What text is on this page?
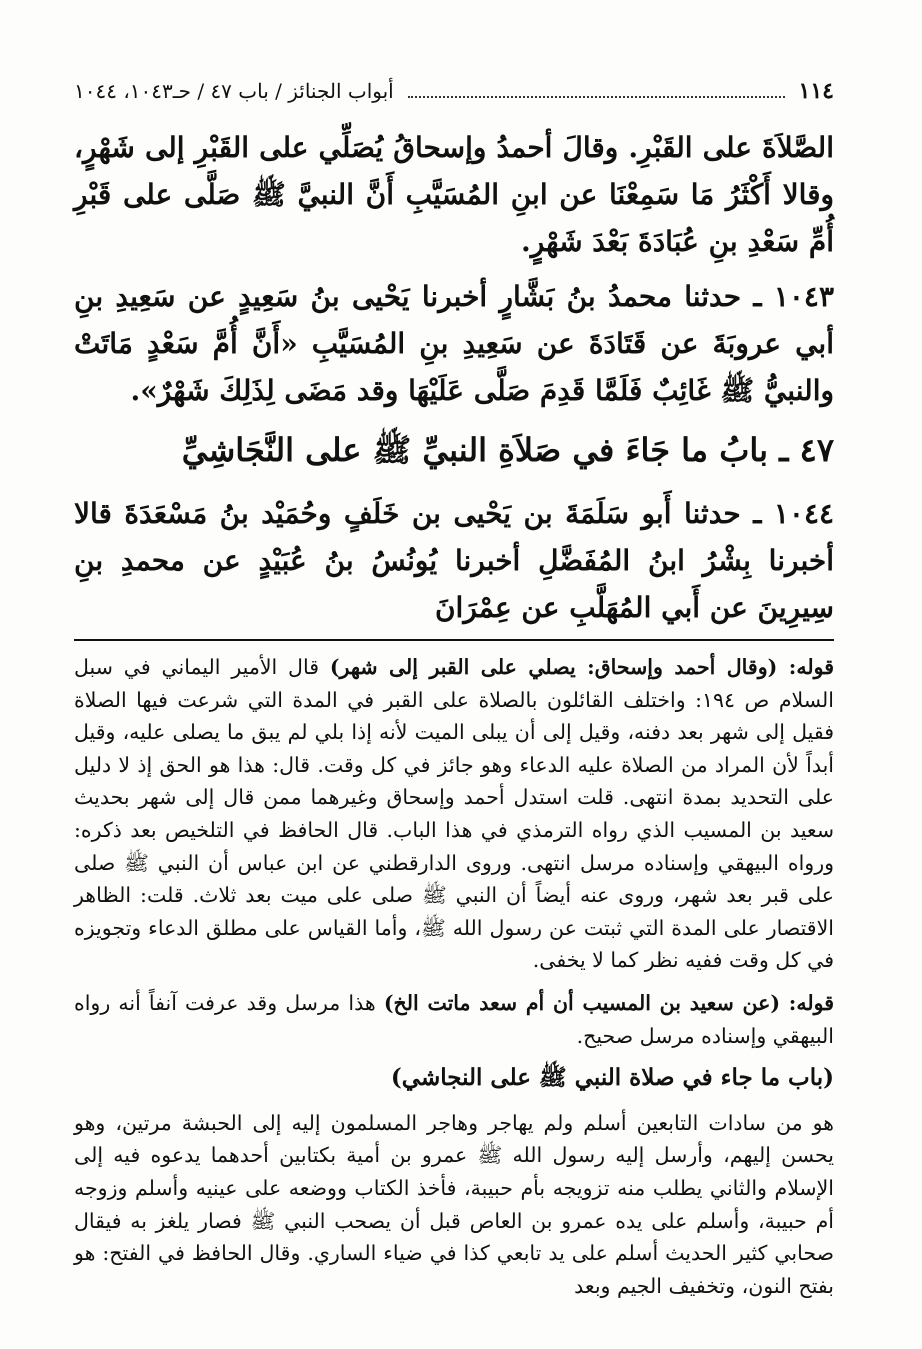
١١٤
أبواب الجنائز / باب ٤٧ / حـ١٠٤٣، ١٠٤٤

الصَّلاَةَ على القَبْرِ. وقالَ أحمدُ وإسحاقُ يُصَلِّي على القَبْرِ إلى شَهْرٍ، وقالا أَكْثَرُ مَا سَمِعْنَا عن ابنِ المُسَيَّبِ أَنَّ النبيَّ ﷺ صَلَّى على قَبْرِ أُمِّ سَعْدِ بنِ عُبَادَةَ بَعْدَ شَهْرٍ.

١٠٤٣ ـ حدثنا محمدُ بنُ بَشَّارٍ أخبرنا يَحْيى بنُ سَعِيدٍ عن سَعِيدِ بنِ أبي عروبَةَ عن قَتَادَةَ عن سَعِيدِ بنِ المُسَيَّبِ «أَنَّ أُمَّ سَعْدٍ مَاتَتْ والنبيُّ ﷺ غَائِبٌ فَلَمَّا قَدِمَ صَلَّى عَلَيْهَا وقد مَضَى لِذَلِكَ شَهْرٌ».

٤٧ ـ بابُ ما جَاءَ في صَلاَةِ النبيِّ ﷺ على النَّجَاشِيِّ

١٠٤٤ ـ حدثنا أَبو سَلَمَةَ بن يَحْيى بن خَلَفٍ وحُمَيْد بنُ مَسْعَدَةَ قالا أخبرنا بِشْرُ ابنُ المُفَضَّلِ أخبرنا يُونُسُ بنُ عُبَيْدٍ عن محمدِ بنِ سِيرِينَ عن أَبي المُهَلَّبِ عن عِمْرَانَ

قوله: (وقال أحمد وإسحاق: يصلي على القبر إلى شهر) قال الأمير اليماني في سبل السلام ص ١٩٤: واختلف القائلون بالصلاة على القبر في المدة التي شرعت فيها الصلاة فقيل إلى شهر بعد دفنه، وقيل إلى أن يبلى الميت لأنه إذا بلي لم يبق ما يصلى عليه، وقيل أبداً لأن المراد من الصلاة عليه الدعاء وهو جائز في كل وقت. قال: هذا هو الحق إذ لا دليل على التحديد بمدة انتهى. قلت استدل أحمد وإسحاق وغيرهما ممن قال إلى شهر بحديث سعيد بن المسيب الذي رواه الترمذي في هذا الباب. قال الحافظ في التلخيص بعد ذكره: ورواه البيهقي وإسناده مرسل انتهى. وروى الدارقطني عن ابن عباس أن النبي ﷺ صلى على قبر بعد شهر، وروى عنه أيضاً أن النبي ﷺ صلى على ميت بعد ثلاث. قلت: الظاهر الاقتصار على المدة التي ثبتت عن رسول الله ﷺ، وأما القياس على مطلق الدعاء وتجويزه في كل وقت ففيه نظر كما لا يخفى.

قوله: (عن سعيد بن المسيب أن أم سعد ماتت الخ) هذا مرسل وقد عرفت آنفاً أنه رواه البيهقي وإسناده مرسل صحيح.

(باب ما جاء في صلاة النبي ﷺ على النجاشي)

هو من سادات التابعين أسلم ولم يهاجر وهاجر المسلمون إليه إلى الحبشة مرتين، وهو يحسن إليهم، وأرسل إليه رسول الله ﷺ عمرو بن أمية بكتابين أحدهما يدعوه فيه إلى الإسلام والثاني يطلب منه تزويجه بأم حبيبة، فأخذ الكتاب ووضعه على عينيه وأسلم وزوجه أم حبيبة، وأسلم على يده عمرو بن العاص قبل أن يصحب النبي ﷺ فصار يلغز به فيقال صحابي كثير الحديث أسلم على يد تابعي كذا في ضياء الساري. وقال الحافظ في الفتح: هو بفتح النون، وتخفيف الجيم وبعد
